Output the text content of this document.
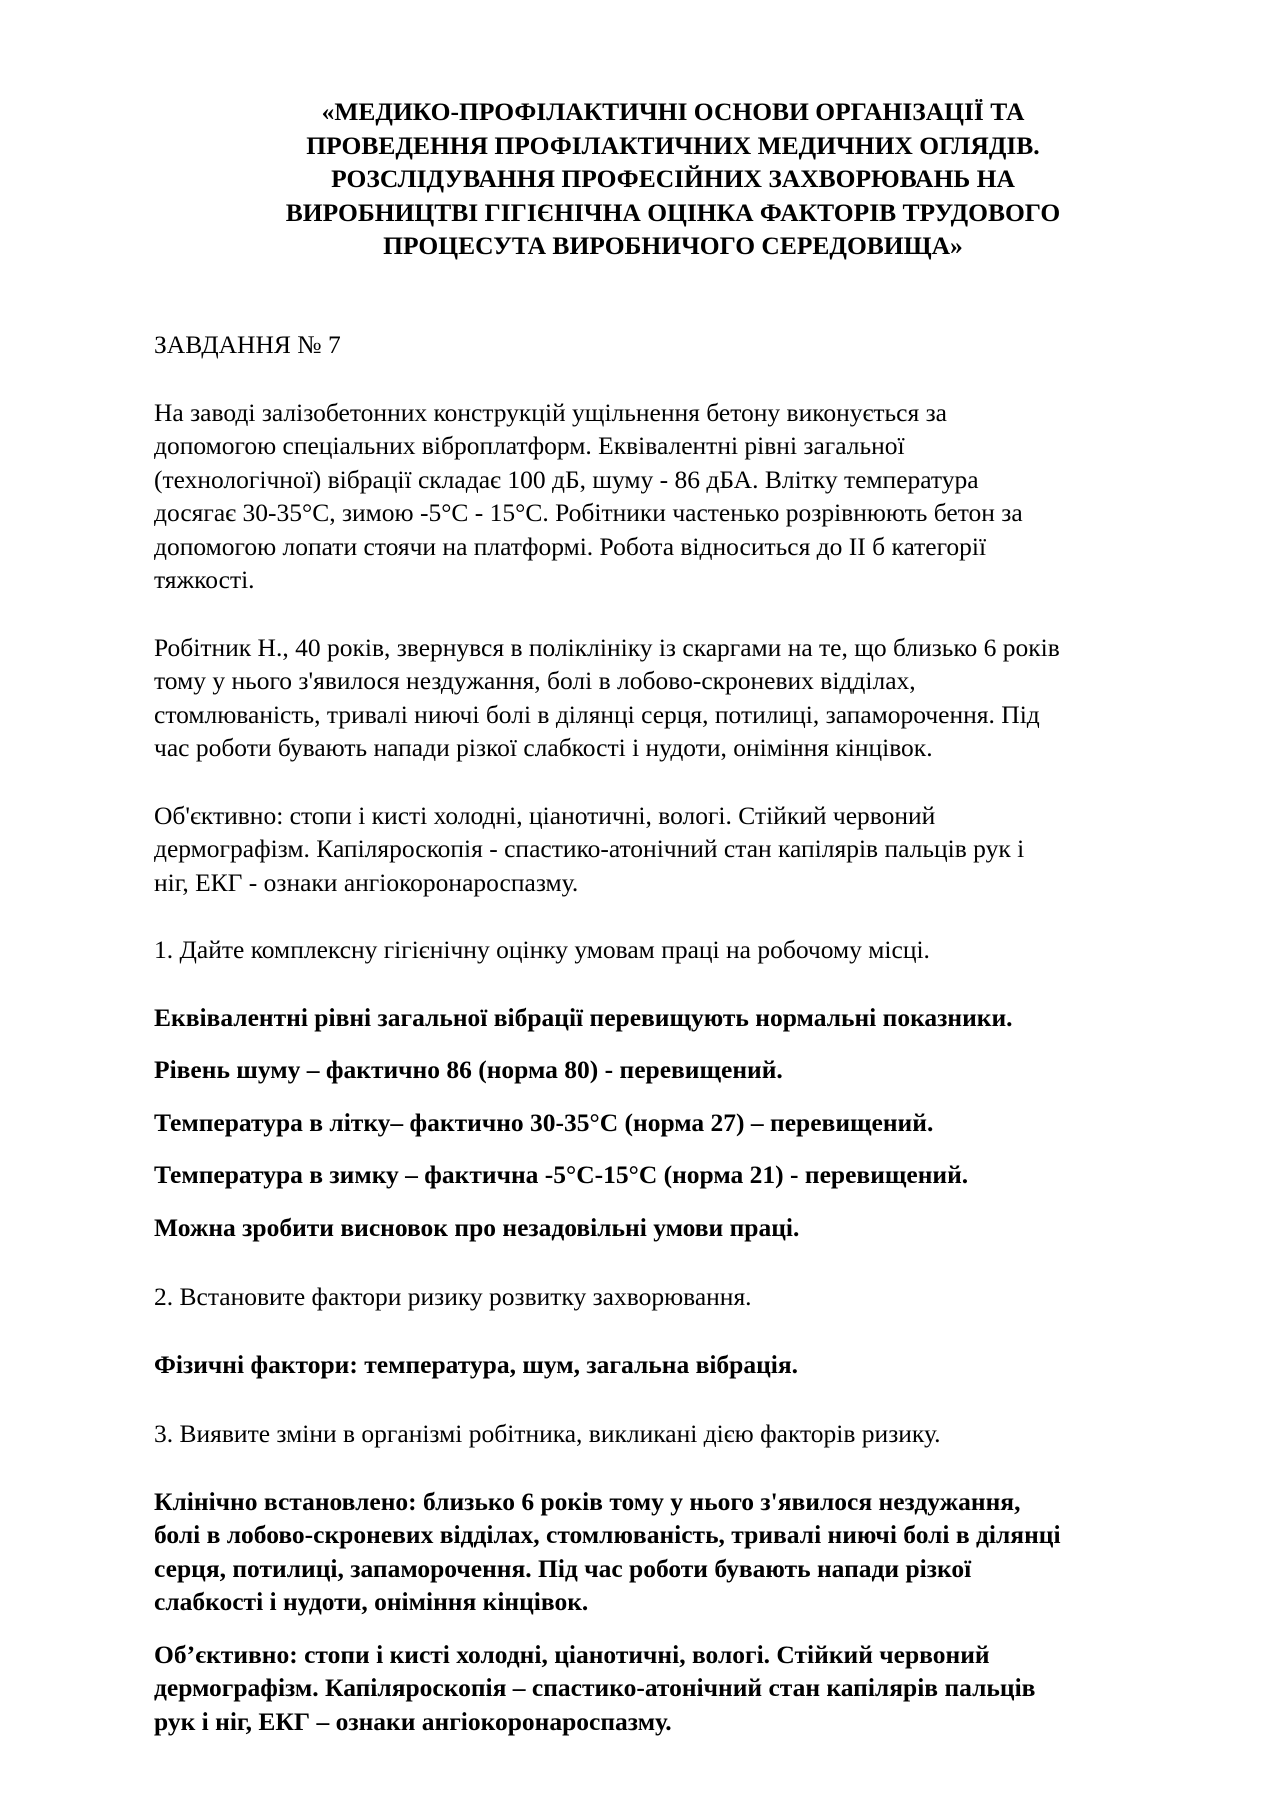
«МЕДИКО-ПРОФІЛАКТИЧНІ ОСНОВИ ОРГАНІЗАЦІЇ ТА
ПРОВЕДЕННЯ ПРОФІЛАКТИЧНИХ МЕДИЧНИХ ОГЛЯДІВ.
РОЗСЛІДУВАННЯ ПРОФЕСІЙНИХ ЗАХВОРЮВАНЬ НА
ВИРОБНИЦТВІ ГІГІЄНІЧНА ОЦІНКА ФАКТОРІВ ТРУДОВОГО
ПРОЦЕСУТА ВИРОБНИЧОГО СЕРЕДОВИЩА»

ЗАВДАННЯ № 7

На заводі залізобетонних конструкцій ущільнення бетону виконується за
допомогою спеціальних віброплатформ. Еквівалентні рівні загальної
(технологічної) вібрації складає 100 дБ, шуму - 86 дБА. Влітку температура
досягає 30-35°С, зимою -5°С - 15°С. Робітники частенько розрівнюють бетон за
допомогою лопати стоячи на платформі. Робота відноситься до II б категорії
тяжкості.

Робітник Н., 40 років, звернувся в поліклініку із скаргами на те, що близько 6 років
тому у нього з'явилося нездужання, болі в лобово-скроневих відділах,
стомлюваність, тривалі ниючі болі в ділянці серця, потилиці, запаморочення. Під
час роботи бувають напади різкої слабкості і нудоти, оніміння кінцівок.

Об'єктивно: стопи і кисті холодні, ціанотичні, вологі. Стійкий червоний
дермографізм. Капіляроскопія - спастико-атонічний стан капілярів пальців рук і
ніг, ЕКГ - ознаки ангіокоронароспазму.

1. Дайте комплексну гігієнічну оцінку умовам праці на робочому місці.

Еквівалентні рівні загальної вібрації перевищують нормальні показники.

Рівень шуму – фактично 86 (норма 80) - перевищений.

Температура в літку– фактично 30-35°С (норма 27) – перевищений.

Температура в зимку – фактична -5°С-15°С (норма 21) - перевищений.

Можна зробити висновок про незадовільні умови праці.

2. Встановите фактори ризику розвитку захворювання.

Фізичні фактори: температура, шум, загальна вібрація.

3. Виявите зміни в організмі робітника, викликані дією факторів ризику.

Клінічно встановлено: близько 6 років тому у нього з'явилося нездужання,
болі в лобово-скроневих відділах, стомлюваність, тривалі ниючі болі в ділянці
серця, потилиці, запаморочення. Під час роботи бувають напади різкої
слабкості і нудоти, оніміння кінцівок.

Об’єктивно: стопи і кисті холодні, ціанотичні, вологі. Стійкий червоний
дермографізм. Капіляроскопія – спастико-атонічний стан капілярів пальців
рук і ніг, ЕКГ – ознаки ангіокоронароспазму.
